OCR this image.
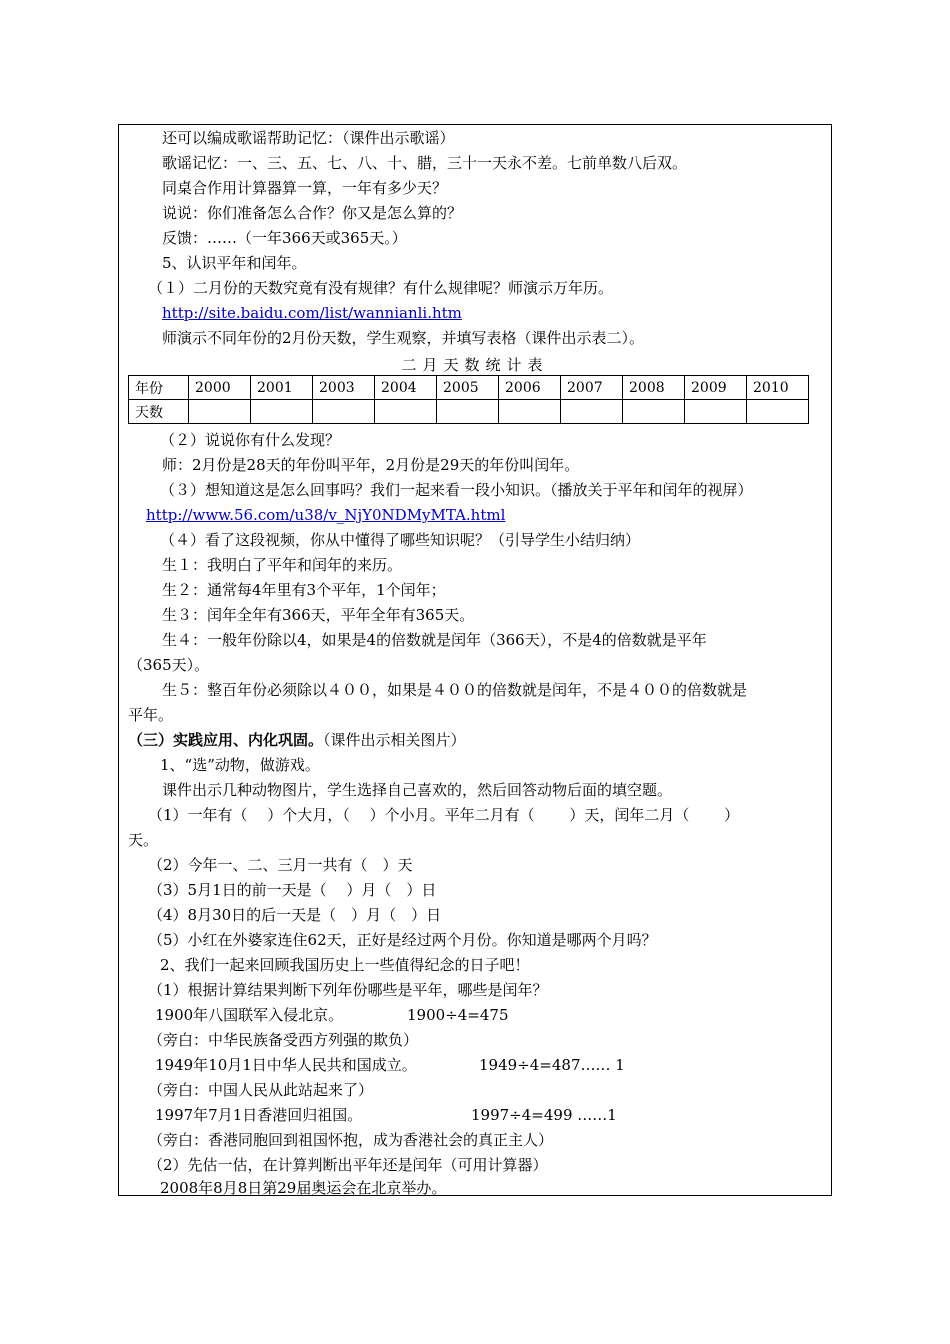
还可以编成歌谣帮助记忆：（课件出示歌谣）
歌谣记忆：一、三、五、七、八、十、腊，三十一天永不差。七前单数八后双。
同桌合作用计算器算一算，一年有多少天？
说说：你们准备怎么合作？你又是怎么算的？
反馈：……（一年366天或365天。）
5、认识平年和闰年。
（１）二月份的天数究竟有没有规律？有什么规律呢？师演示万年历。
http://site.baidu.com/list/wannianli.htm
师演示不同年份的2月份天数，学生观察，并填写表格（课件出示表二）。
二月天数统计表
年份	2000	2001	2003	2004	2005	2006	2007	2008	2009	2010
天数										
（２）说说你有什么发现？
师：2月份是28天的年份叫平年，2月份是29天的年份叫闰年。
（３）想知道这是怎么回事吗？我们一起来看一段小知识。（播放关于平年和闰年的视屏）
http://www.56.com/u38/v_NjY0NDMyMTA.html
（４）看了这段视频，你从中懂得了哪些知识呢？（引导学生小结归纳）
生１：我明白了平年和闰年的来历。
生２：通常每4年里有3个平年，1个闰年；
生３：闰年全年有366天，平年全年有365天。
生４：一般年份除以4，如果是4的倍数就是闰年（366天），不是4的倍数就是平年
（365天）。
生５：整百年份必须除以４００，如果是４００的倍数就是闰年，不是４００的倍数就是
平年。
（三）实践应用、内化巩固。（课件出示相关图片）
1、“选”动物，做游戏。
课件出示几种动物图片，学生选择自己喜欢的，然后回答动物后面的填空题。
（1）一年有（　 ）个大月，（　 ）个小月。平年二月有（　　 ）天，闰年二月（　　 ）
天。
（2）今年一、二、三月一共有（　）天
（3）5月1日的前一天是（　 ）月（　）日
（4）8月30日的后一天是（　）月（　）日
（5）小红在外婆家连住62天，正好是经过两个月份。你知道是哪两个月吗？
2、我们一起来回顾我国历史上一些值得纪念的日子吧！
（1）根据计算结果判断下列年份哪些是平年，哪些是闰年？
1900年八国联军入侵北京。	1900÷4=475
（旁白：中华民族备受西方列强的欺负）
1949年10月1日中华人民共和国成立。	1949÷4=487…… 1
（旁白：中国人民从此站起来了）
1997年7月1日香港回归祖国。	1997÷4=499 ……1
（旁白：香港同胞回到祖国怀抱，成为香港社会的真正主人）
（2）先估一估，在计算判断出平年还是闰年（可用计算器）
2008年8月8日第29届奥运会在北京举办。
